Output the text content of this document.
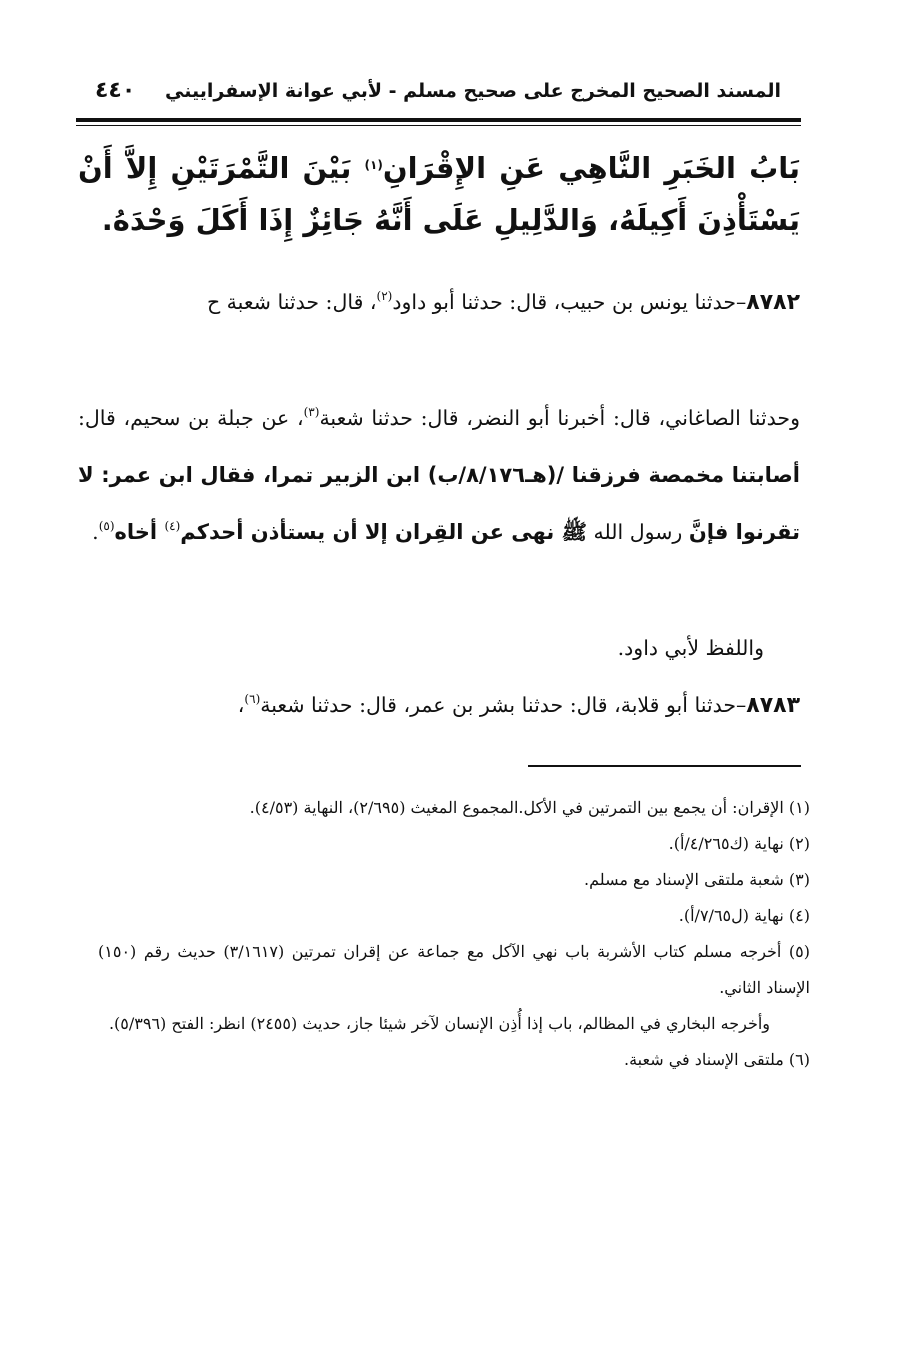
المسند الصحيح المخرج على صحيح مسلم - لأبي عوانة الإسفراييني
٤٤٠
بَابُ الخَبَرِ النَّاهِي عَنِ الإِقْرَانِ$^{(١)}$ بَيْنَ التَّمْرَتَيْنِ إِلاَّ أَنْ يَسْتَأْذِنَ أَكِيلَهُ، وَالدَّلِيلِ عَلَى أَنَّهُ جَائِزٌ إِذَا أَكَلَ وَحْدَهُ.
٨٧٨٢–حدثنا يونس بن حبيب، قال: حدثنا أبو داود$^{(٢)}$، قال: حدثنا شعبة ح
وحدثنا الصاغاني، قال: أخبرنا أبو النضر، قال: حدثنا شعبة$^{(٣)}$، عن جبلة بن سحيم، قال: أصابتنا مخمصة فرزقنا /(هـ٨/١٧٦/ب) ابن الزبير تمرا، فقال ابن عمر: لا تقرنوا فإنَّ رسول الله ﷺ نهى عن القِران إلا أن يستأذن أحدكم$^{(٤)}$ أخاه$^{(٥)}$.
واللفظ لأبي داود.
٨٧٨٣–حدثنا أبو قلابة، قال: حدثنا بشر بن عمر، قال: حدثنا شعبة$^{(٦)}$،
(١) الإقران: أن يجمع بين التمرتين في الأكل.المجموع المغيث (٢/٦٩٥)، النهاية (٤/٥٣).
(٢) نهاية (ك٤/٢٦٥/أ).
(٣) شعبة ملتقى الإسناد مع مسلم.
(٤) نهاية (ل٧/٦٥/أ).
(٥) أخرجه مسلم كتاب الأشربة باب نهي الآكل مع جماعة عن إقران تمرتين (٣/١٦١٧) حديث رقم (١٥٠) الإسناد الثاني.
وأخرجه البخاري في المظالم، باب إذا أُذِن الإنسان لآخر شيئا جاز، حديث (٢٤٥٥) انظر: الفتح (٥/٣٩٦).
(٦) ملتقى الإسناد في شعبة.
